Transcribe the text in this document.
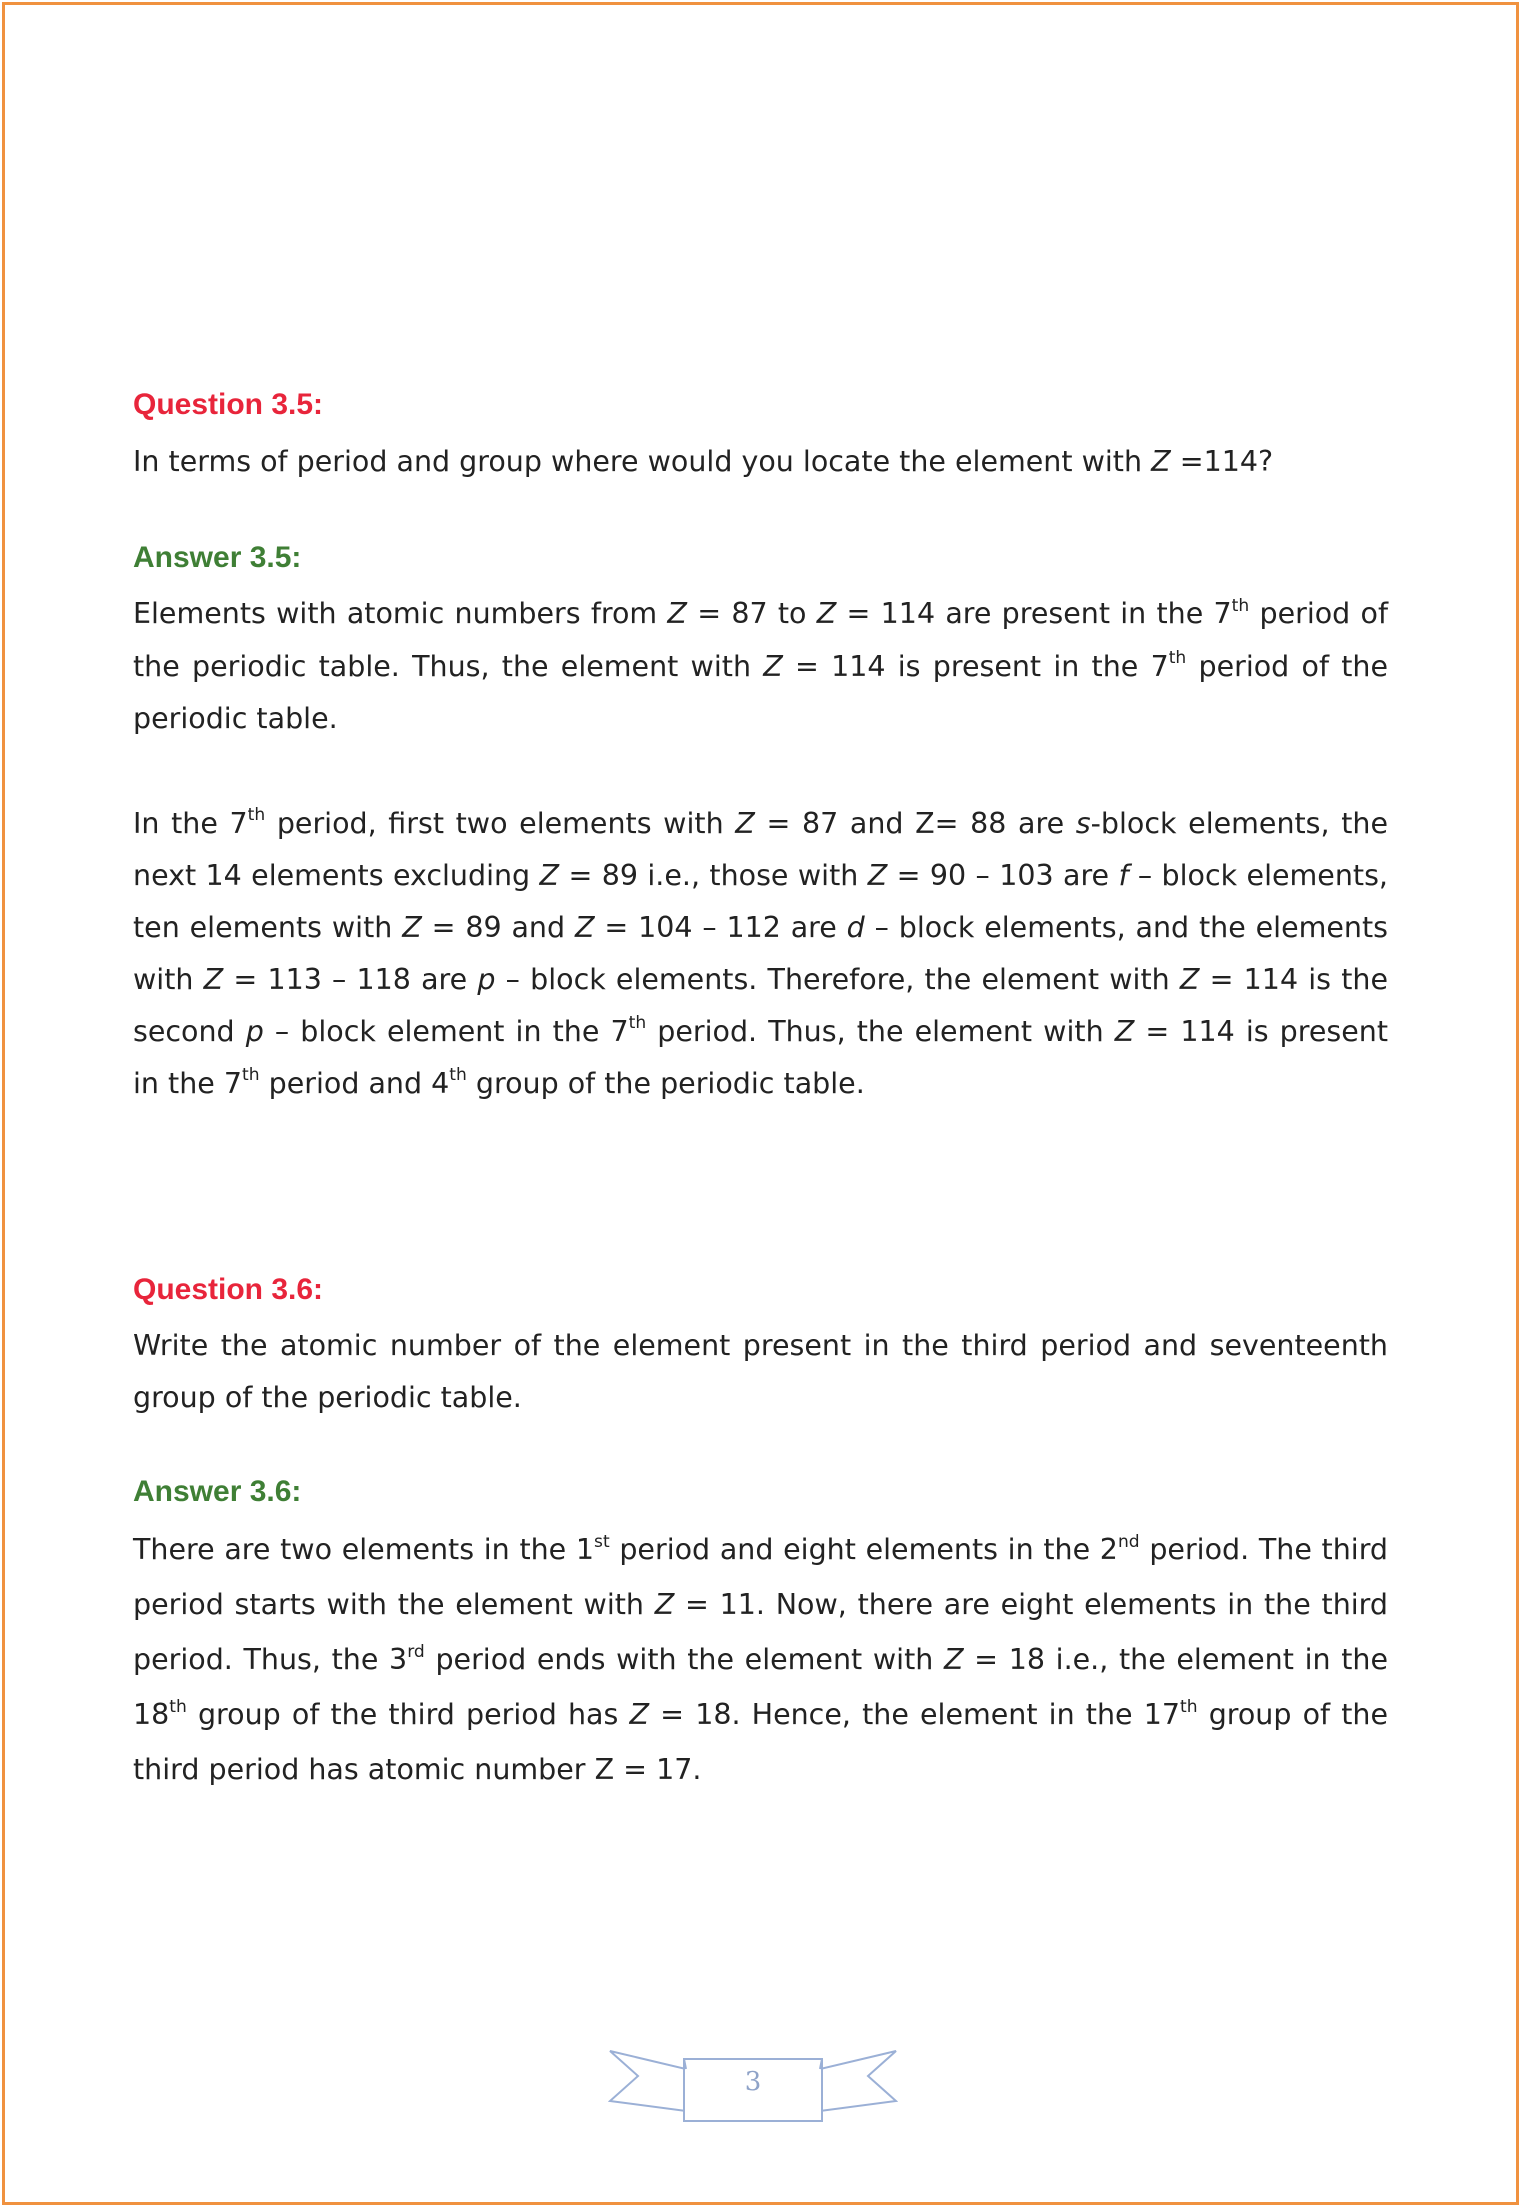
Question 3.5:

In terms of period and group where would you locate the element with Z =114?

Answer 3.5:

Elements with atomic numbers from Z = 87 to Z = 114 are present in the 7th period of the periodic table. Thus, the element with Z = 114 is present in the 7th period of the periodic table.

In the 7th period, first two elements with Z = 87 and Z= 88 are s-block elements, the next 14 elements excluding Z = 89 i.e., those with Z = 90 – 103 are f – block elements, ten elements with Z = 89 and Z = 104 – 112 are d – block elements, and the elements with Z = 113 – 118 are p – block elements. Therefore, the element with Z = 114 is the second p – block element in the 7th period. Thus, the element with Z = 114 is present in the 7th period and 4th group of the periodic table.

Question 3.6:

Write the atomic number of the element present in the third period and seventeenth group of the periodic table.

Answer 3.6:

There are two elements in the 1st period and eight elements in the 2nd period. The third period starts with the element with Z = 11. Now, there are eight elements in the third period. Thus, the 3rd period ends with the element with Z = 18 i.e., the element in the 18th group of the third period has Z = 18. Hence, the element in the 17th group of the third period has atomic number Z = 17.

3
